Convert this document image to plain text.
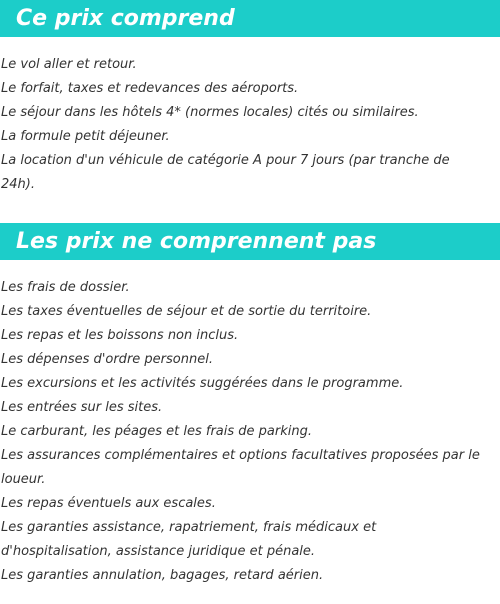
Ce prix comprend
Le vol aller et retour.
Le forfait, taxes et redevances des aéroports.
Le séjour dans les hôtels 4* (normes locales) cités ou similaires.
La formule petit déjeuner.
La location d'un véhicule de catégorie A pour 7 jours (par tranche de 24h).
Les prix ne comprennent pas
Les frais de dossier.
Les taxes éventuelles de séjour et de sortie du territoire.
Les repas et les boissons non inclus.
Les dépenses d'ordre personnel.
Les excursions et les activités suggérées dans le programme.
Les entrées sur les sites.
Le carburant, les péages et les frais de parking.
Les assurances complémentaires et options facultatives proposées par le loueur.
Les repas éventuels aux escales.
Les garanties assistance, rapatriement, frais médicaux et d'hospitalisation, assistance juridique et pénale.
Les garanties annulation, bagages, retard aérien.
